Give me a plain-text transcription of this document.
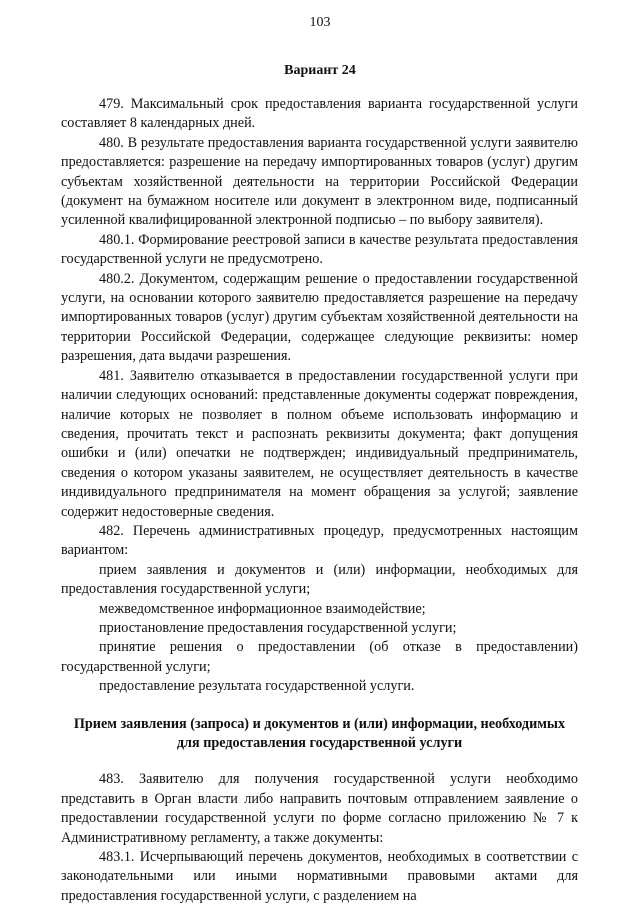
103
Вариант 24

479. Максимальный срок предоставления варианта государственной услуги составляет 8 календарных дней.

480. В результате предоставления варианта государственной услуги заявителю предоставляется: разрешение на передачу импортированных товаров (услуг) другим субъектам хозяйственной деятельности на территории Российской Федерации (документ на бумажном носителе или документ в электронном виде, подписанный усиленной квалифицированной электронной подписью – по выбору заявителя).

480.1. Формирование реестровой записи в качестве результата предоставления государственной услуги не предусмотрено.

480.2. Документом, содержащим решение о предоставлении государственной услуги, на основании которого заявителю предоставляется разрешение на передачу импортированных товаров (услуг) другим субъектам хозяйственной деятельности на территории Российской Федерации, содержащее следующие реквизиты: номер разрешения, дата выдачи разрешения.

481. Заявителю отказывается в предоставлении государственной услуги при наличии следующих оснований: представленные документы содержат повреждения, наличие которых не позволяет в полном объеме использовать информацию и сведения, прочитать текст и распознать реквизиты документа; факт допущения ошибки и (или) опечатки не подтвержден; индивидуальный предприниматель, сведения о котором указаны заявителем, не осуществляет деятельность в качестве индивидуального предпринимателя на момент обращения за услугой; заявление содержит недостоверные сведения.

482. Перечень административных процедур, предусмотренных настоящим вариантом:

прием заявления и документов и (или) информации, необходимых для предоставления государственной услуги;

межведомственное информационное взаимодействие;

приостановление предоставления государственной услуги;

принятие решения о предоставлении (об отказе в предоставлении) государственной услуги;

предоставление результата государственной услуги.

Прием заявления (запроса) и документов и (или) информации, необходимых для предоставления государственной услуги

483. Заявителю для получения государственной услуги необходимо представить в Орган власти либо направить почтовым отправлением заявление о предоставлении государственной услуги по форме согласно приложению № 7 к Административному регламенту, а также документы:

483.1. Исчерпывающий перечень документов, необходимых в соответствии с законодательными или иными нормативными правовыми актами для предоставления государственной услуги, с разделением на
